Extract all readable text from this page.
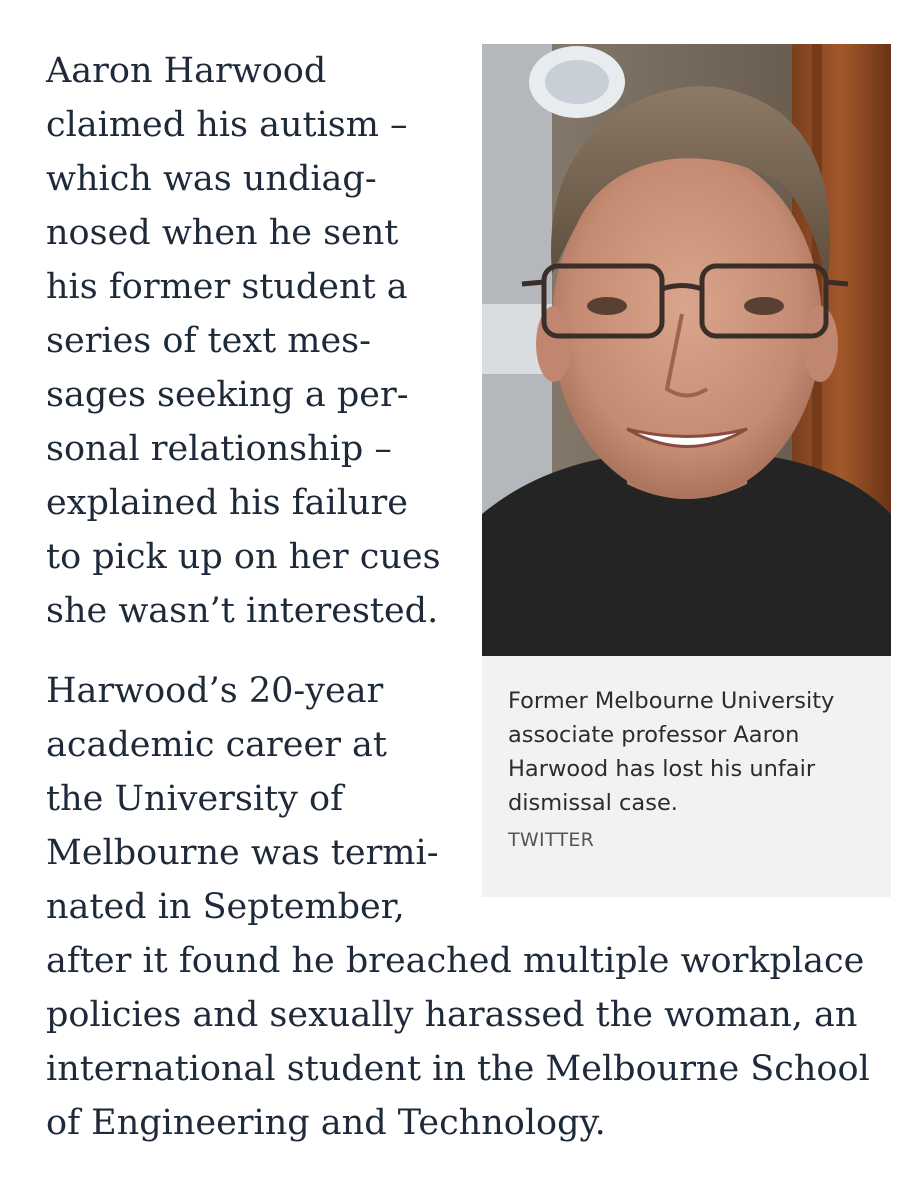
Former Melbourne University associate professor Aaron Harwood has lost his unfair dismissal case.

TWITTER

Aaron Harwood claimed his autism – which was undiagnosed when he sent his former student a series of text messages seeking a personal relationship – explained his failure to pick up on her cues she wasn’t interested.

Harwood’s 20-year academic career at the University of Melbourne was terminated in September, after it found he breached multiple workplace policies and sexually harassed the woman, an international student in the Melbourne School of Engineering and Technology.
